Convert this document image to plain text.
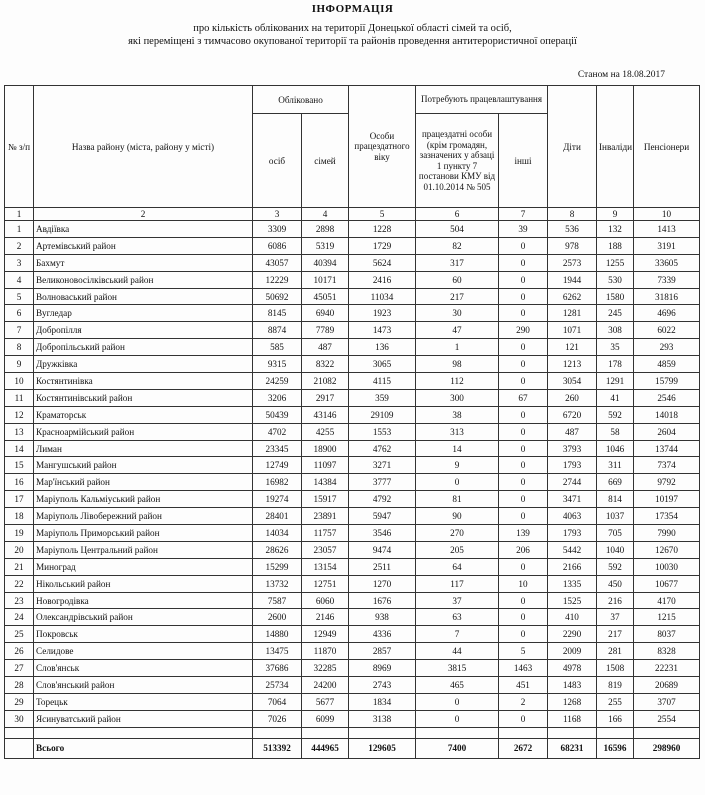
ІНФОРМАЦІЯ
про кількість облікованих на території Донецької області сімей та осіб,
які переміщені з тимчасово окупованої території та районів проведення антитерористичної операції
Станом на 18.08.2017
№ з/п	Назва району (міста, району у місті)	Обліковано		Особи працездатного віку	Потребують працевлаштування		Діти	Інваліди	Пенсіонери
		осіб	сімей		працездатні особи (крім громадян, зазначених у абзаці 1 пункту 7 постанови КМУ від 01.10.2014 № 505	інші			

1	2	3	4	5	6	7	8	9	10
1	Авдіївка	3309	2898	1228	504	39	536	132	1413
2	Артемівський район	6086	5319	1729	82	0	978	188	3191
3	Бахмут	43057	40394	5624	317	0	2573	1255	33605
4	Великоновосілківський район	12229	10171	2416	60	0	1944	530	7339
5	Волноваський район	50692	45051	11034	217	0	6262	1580	31816
6	Вугледар	8145	6940	1923	30	0	1281	245	4696
7	Добропілля	8874	7789	1473	47	290	1071	308	6022
8	Добропільський район	585	487	136	1	0	121	35	293
9	Дружківка	9315	8322	3065	98	0	1213	178	4859
10	Костянтинівка	24259	21082	4115	112	0	3054	1291	15799
11	Костянтинівський район	3206	2917	359	300	67	260	41	2546
12	Краматорськ	50439	43146	29109	38	0	6720	592	14018
13	Красноармійський район	4702	4255	1553	313	0	487	58	2604
14	Лиман	23345	18900	4762	14	0	3793	1046	13744
15	Мангушський район	12749	11097	3271	9	0	1793	311	7374
16	Мар'їнський район	16982	14384	3777	0	0	2744	669	9792
17	Маріуполь Кальміуський район	19274	15917	4792	81	0	3471	814	10197
18	Маріуполь Лівобережний район	28401	23891	5947	90	0	4063	1037	17354
19	Маріуполь Приморський район	14034	11757	3546	270	139	1793	705	7990
20	Маріуполь Центральний район	28626	23057	9474	205	206	5442	1040	12670
21	Миноград	15299	13154	2511	64	0	2166	592	10030
22	Нікольський район	13732	12751	1270	117	10	1335	450	10677
23	Новогродівка	7587	6060	1676	37	0	1525	216	4170
24	Олександрівський район	2600	2146	938	63	0	410	37	1215
25	Покровськ	14880	12949	4336	7	0	2290	217	8037
26	Селидове	13475	11870	2857	44	5	2009	281	8328
27	Слов'янськ	37686	32285	8969	3815	1463	4978	1508	22231
28	Слов'янський район	25734	24200	2743	465	451	1483	819	20689
29	Торецьк	7064	5677	1834	0	2	1268	255	3707
30	Ясинуватський район	7026	6099	3138	0	0	1168	166	2554

	Всього	513392	444965	129605	7400	2672	68231	16596	298960
